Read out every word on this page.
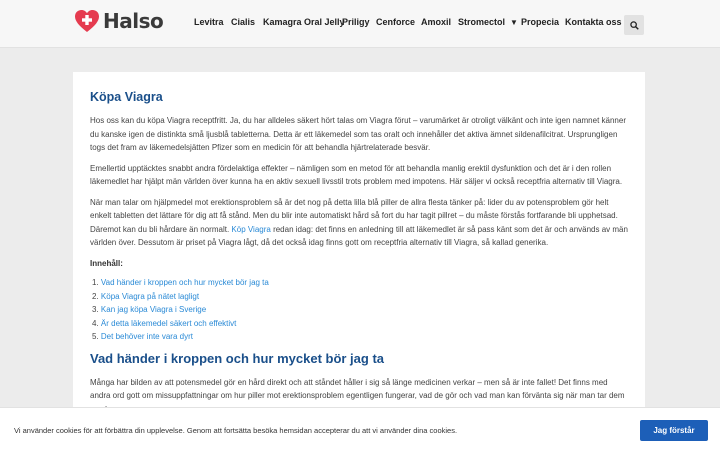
Halso	Levitra Cialis Kamagra Oral Jelly
Priligy Cenforce Amoxil Stromectol ▼ Propecia Kontakta oss
Köpa Viagra
Hos oss kan du köpa Viagra receptfritt. Ja, du har alldeles säkert hört talas om Viagra förut – varumärket är otroligt välkänt och inte igen namnet känner du kanske igen de distinkta små ljusblå tabletterna. Detta är ett läkemedel som tas oralt och innehåller det aktiva ämnet sildenafilcitrat. Ursprungligen togs det fram av läkemedelsjätten Pfizer som en medicin för att behandla hjärtrelaterade besvär.
Emellertid upptäcktes snabbt andra fördelaktiga effekter – nämligen som en metod för att behandla manlig erektil dysfunktion och det är i den rollen läkemedlet har hjälpt män världen över kunna ha en aktiv sexuell livsstil trots problem med impotens. Här säljer vi också receptfria alternativ till Viagra.
När man talar om hjälpmedel mot erektionsproblem så är det nog på detta lilla blå piller de allra flesta tänker på: lider du av potensproblem gör helt enkelt tabletten det lättare för dig att få stånd. Men du blir inte automatiskt hård så fort du har tagit pillret – du måste förstås fortfarande bli upphetsad. Däremot kan du bli hårdare än normalt. Köp Viagra redan idag: det finns en anledning till att läkemedlet är så pass känt som det är och används av män världen över. Dessutom är priset på Viagra lågt, då det också idag finns gott om receptfria alternativ till Viagra, så kallad generika.
Innehåll:
1. Vad händer i kroppen och hur mycket bör jag ta
2. Köpa Viagra på nätet lagligt
3. Kan jag köpa Viagra i Sverige
4. Är detta läkemedel säkert och effektivt
5. Det behöver inte vara dyrt
Vad händer i kroppen och hur mycket bör jag ta
Många har bilden av att potensmedel gör en hård direkt och att ståndet håller i sig så länge medicinen verkar – men så är inte fallet! Det finns med andra ord gott om missuppfattningar om hur piller mot erektionsproblem egentligen fungerar, vad de gör och vad man kan förvänta sig när man tar dem
Vi använder cookies för att förbättra din upplevelse. Genom att fortsätta besöka hemsidan accepterar du att vi använder dina cookies.	Jag förstår
